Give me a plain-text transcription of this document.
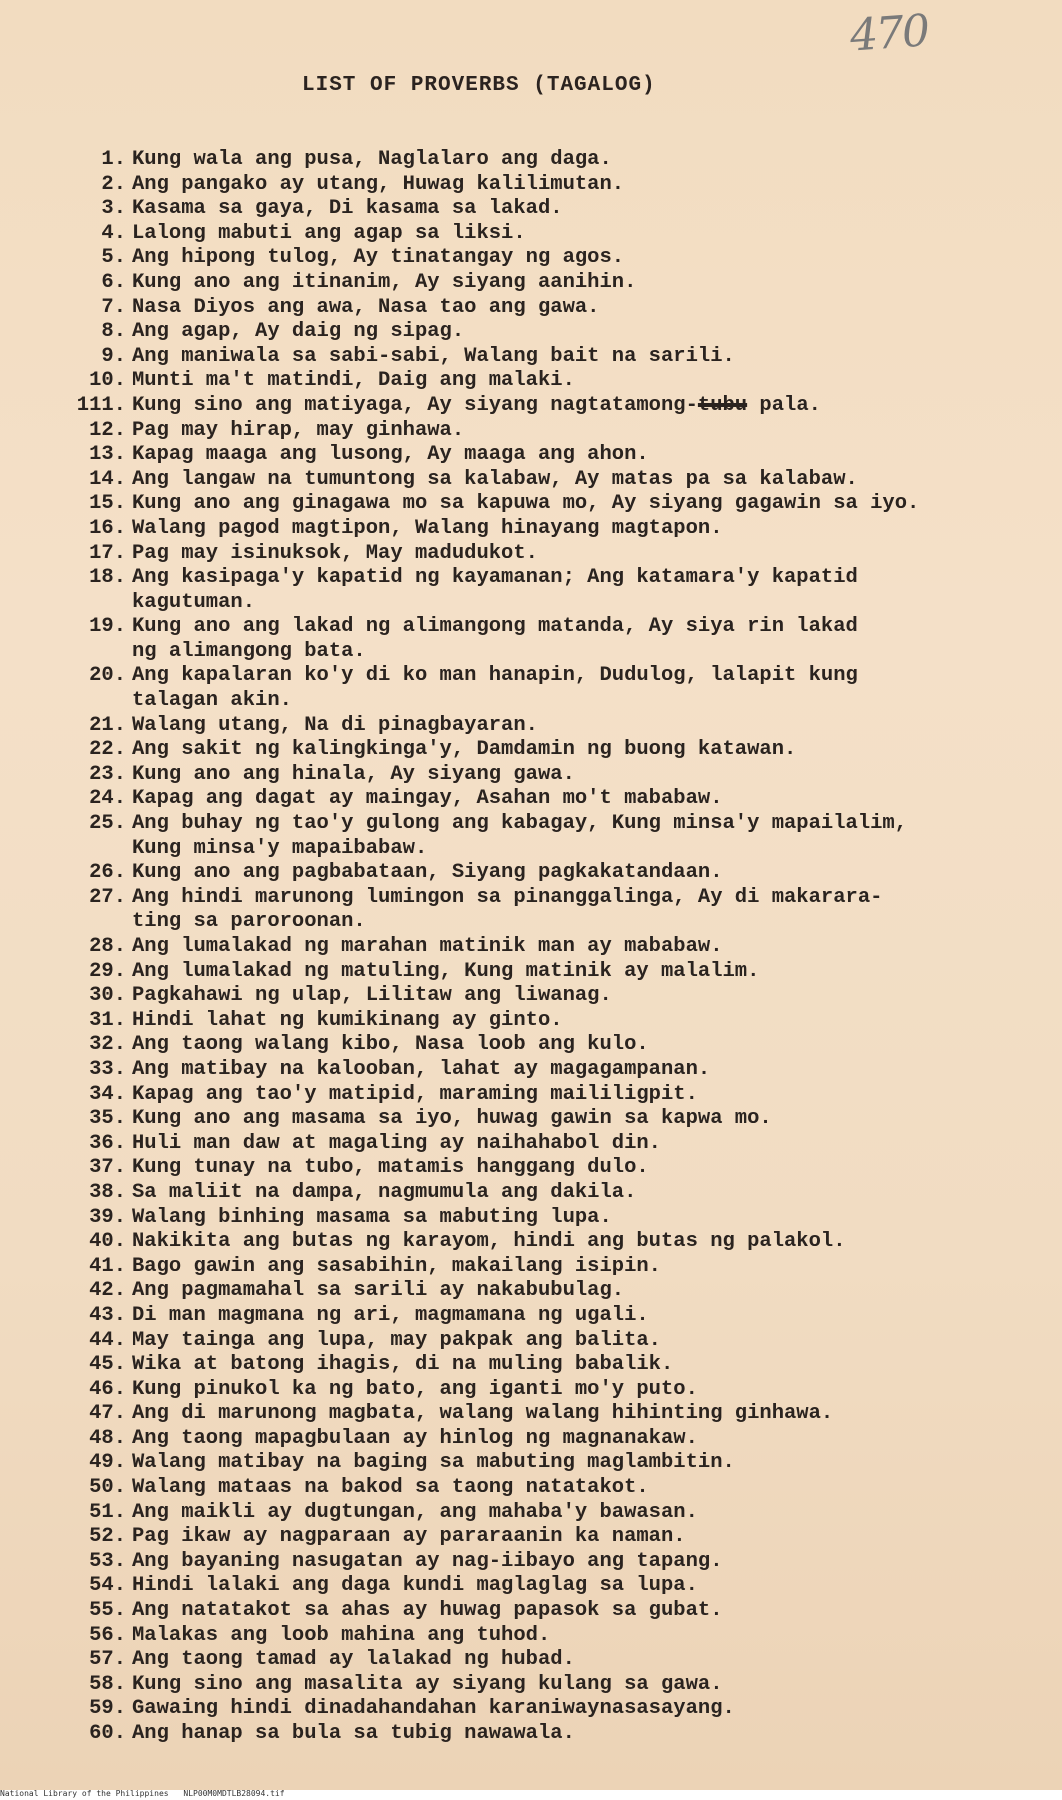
470
LIST OF PROVERBS (TAGALOG)
1. Kung wala ang pusa, Naglalaro ang daga.
2. Ang pangako ay utang, Huwag kalilimutan.
3. Kasama sa gaya, Di kasama sa lakad.
4. Lalong mabuti ang agap sa liksi.
5. Ang hipong tulog, Ay tinatangay ng agos.
6. Kung ano ang itinanim, Ay siyang aanihin.
7. Nasa Diyos ang awa, Nasa tao ang gawa.
8. Ang agap, Ay daig ng sipag.
9. Ang maniwala sa sabi-sabi, Walang bait na sarili.
10. Munti ma't matindi, Daig ang malaki.
111. Kung sino ang matiyaga, Ay siyang nagtatamong-tubu pala.
12. Pag may hirap, may ginhawa.
13. Kapag maaga ang lusong, Ay maaga ang ahon.
14. Ang langaw na tumuntong sa kalabaw, Ay matas pa sa kalabaw.
15. Kung ano ang ginagawa mo sa kapuwa mo, Ay siyang gagawin sa iyo.
16. Walang pagod magtipon, Walang hinayang magtapon.
17. Pag may isinuksok, May madudukot.
18. Ang kasipaga'y kapatid ng kayamanan; Ang katamara'y kapatid
kagutuman.
19. Kung ano ang lakad ng alimangong matanda, Ay siya rin lakad
ng alimangong bata.
20. Ang kapalaran ko'y di ko man hanapin, Dudulog, lalapit kung
talagan akin.
21. Walang utang, Na di pinagbayaran.
22. Ang sakit ng kalingkinga'y, Damdamin ng buong katawan.
23. Kung ano ang hinala, Ay siyang gawa.
24. Kapag ang dagat ay maingay, Asahan mo't mababaw.
25. Ang buhay ng tao'y gulong ang kabagay, Kung minsa'y mapailalim,
Kung minsa'y mapaibabaw.
26. Kung ano ang pagbabataan, Siyang pagkakatandaan.
27. Ang hindi marunong lumingon sa pinanggalinga, Ay di makarara-
ting sa paroroonan.
28. Ang lumalakad ng marahan matinik man ay mababaw.
29. Ang lumalakad ng matuling, Kung matinik ay malalim.
30. Pagkahawi ng ulap, Lilitaw ang liwanag.
31. Hindi lahat ng kumikinang ay ginto.
32. Ang taong walang kibo, Nasa loob ang kulo.
33. Ang matibay na kalooban, lahat ay magagampanan.
34. Kapag ang tao'y matipid, maraming maililigpit.
35. Kung ano ang masama sa iyo, huwag gawin sa kapwa mo.
36. Huli man daw at magaling ay naihahabol din.
37. Kung tunay na tubo, matamis hanggang dulo.
38. Sa maliit na dampa, nagmumula ang dakila.
39. Walang binhing masama sa mabuting lupa.
40. Nakikita ang butas ng karayom, hindi ang butas ng palakol.
41. Bago gawin ang sasabihin, makailang isipin.
42. Ang pagmamahal sa sarili ay nakabubulag.
43. Di man magmana ng ari, magmamana ng ugali.
44. May tainga ang lupa, may pakpak ang balita.
45. Wika at batong ihagis, di na muling babalik.
46. Kung pinukol ka ng bato, ang iganti mo'y puto.
47. Ang di marunong magbata, walang walang hihinting ginhawa.
48. Ang taong mapagbulaan ay hinlog ng magnanakaw.
49. Walang matibay na baging sa mabuting maglambitin.
50. Walang mataas na bakod sa taong natatakot.
51. Ang maikli ay dugtungan, ang mahaba'y bawasan.
52. Pag ikaw ay nagparaan ay pararaanin ka naman.
53. Ang bayaning nasugatan ay nag-iibayo ang tapang.
54. Hindi lalaki ang daga kundi maglaglag sa lupa.
55. Ang natatakot sa ahas ay huwag papasok sa gubat.
56. Malakas ang loob mahina ang tuhod.
57. Ang taong tamad ay lalakad ng hubad.
58. Kung sino ang masalita ay siyang kulang sa gawa.
59. Gawaing hindi dinadahandahan karaniwaynasasayang.
60. Ang hanap sa bula sa tubig nawawala.
National Library of the Philippines NLP00M0MDTLB28094.tif
